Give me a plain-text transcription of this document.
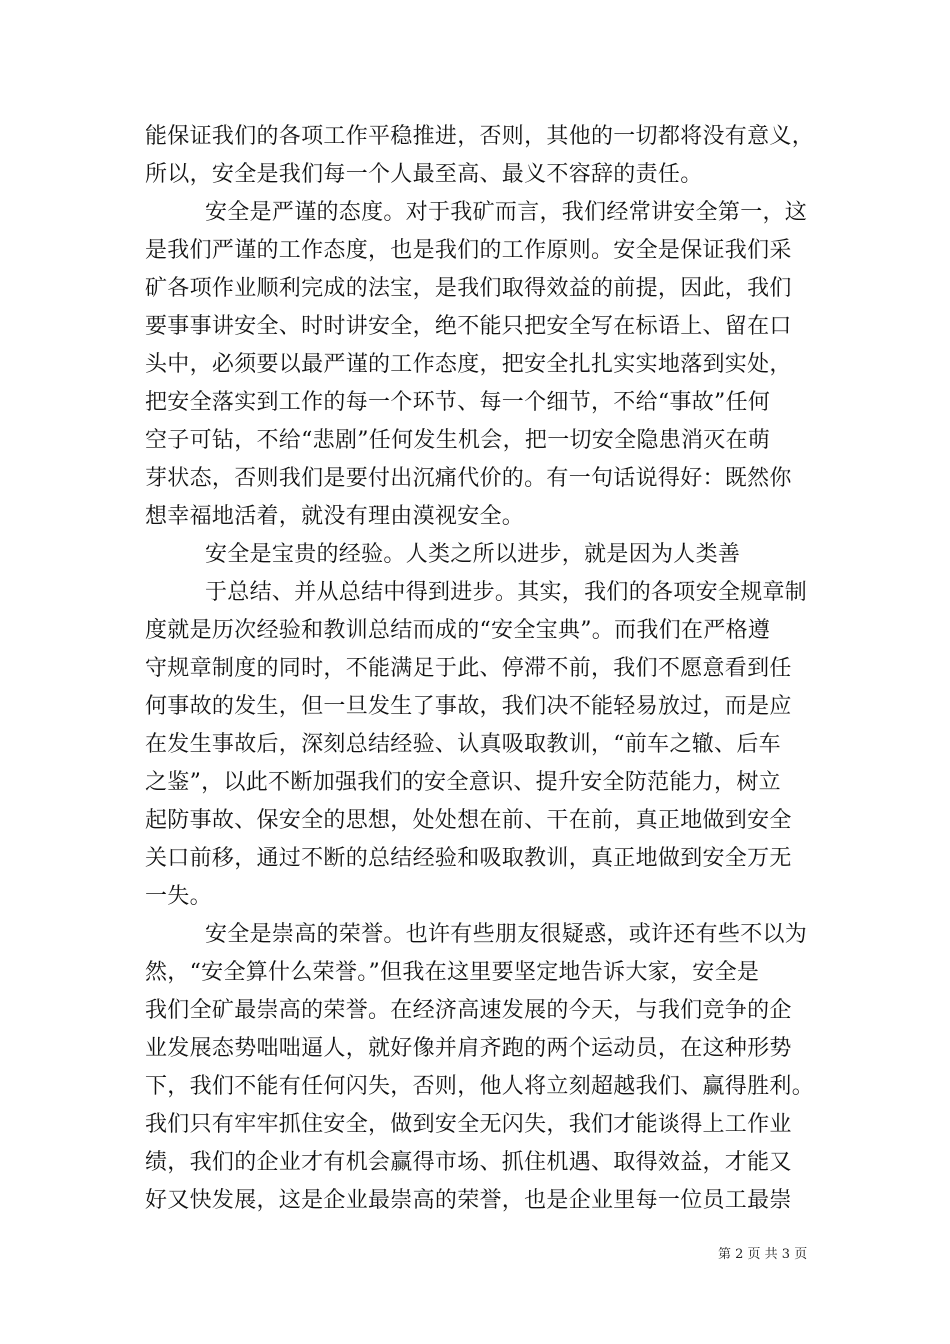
能保证我们的各项工作平稳推进，否则，其他的一切都将没有意义，
所以，安全是我们每一个人最至高、最义不容辞的责任。
安全是严谨的态度。对于我矿而言，我们经常讲安全第一，这
是我们严谨的工作态度，也是我们的工作原则。安全是保证我们采
矿各项作业顺利完成的法宝，是我们取得效益的前提，因此，我们
要事事讲安全、时时讲安全，绝不能只把安全写在标语上、留在口
头中，必须要以最严谨的工作态度，把安全扎扎实实地落到实处，
把安全落实到工作的每一个环节、每一个细节，不给“事故”任何
空子可钻，不给“悲剧”任何发生机会，把一切安全隐患消灭在萌
芽状态，否则我们是要付出沉痛代价的。有一句话说得好：既然你
想幸福地活着，就没有理由漠视安全。
安全是宝贵的经验。人类之所以进步，就是因为人类善
于总结、并从总结中得到进步。其实，我们的各项安全规章制
度就是历次经验和教训总结而成的“安全宝典”。而我们在严格遵
守规章制度的同时，不能满足于此、停滞不前，我们不愿意看到任
何事故的发生，但一旦发生了事故，我们决不能轻易放过，而是应
在发生事故后，深刻总结经验、认真吸取教训，“前车之辙、后车
之鉴”，以此不断加强我们的安全意识、提升安全防范能力，树立
起防事故、保安全的思想，处处想在前、干在前，真正地做到安全
关口前移，通过不断的总结经验和吸取教训，真正地做到安全万无
一失。
安全是崇高的荣誉。也许有些朋友很疑惑，或许还有些不以为
然，“安全算什么荣誉。”但我在这里要坚定地告诉大家，安全是
我们全矿最崇高的荣誉。在经济高速发展的今天，与我们竞争的企
业发展态势咄咄逼人，就好像并肩齐跑的两个运动员，在这种形势
下，我们不能有任何闪失，否则，他人将立刻超越我们、赢得胜利。
我们只有牢牢抓住安全，做到安全无闪失，我们才能谈得上工作业
绩，我们的企业才有机会赢得市场、抓住机遇、取得效益，才能又
好又快发展，这是企业最崇高的荣誉，也是企业里每一位员工最崇
第 2 页 共 3 页
